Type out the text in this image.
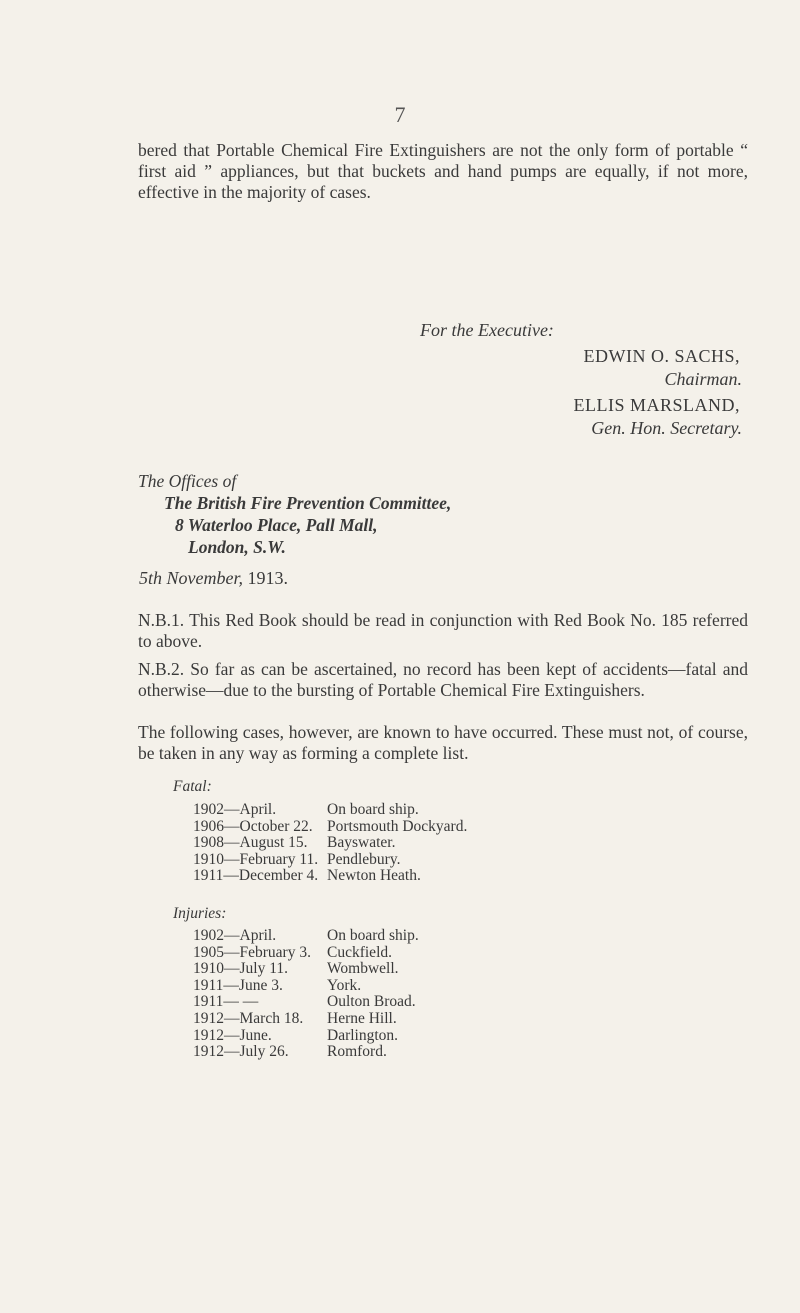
7

bered that Portable Chemical Fire Extinguishers are not the only form of portable “ first aid ” appliances, but that buckets and hand pumps are equally, if not more, effective in the majority of cases.

For the Executive:

EDWIN O. SACHS,

Chairman.

ELLIS MARSLAND,

Gen. Hon. Secretary.

The Offices of
The British Fire Prevention Committee,
8 Waterloo Place, Pall Mall,
London, S.W.

5th November, 1913.

N.B.1. This Red Book should be read in conjunction with Red Book No. 185 referred to above.

N.B.2. So far as can be ascertained, no record has been kept of accidents—fatal and otherwise—due to the bursting of Portable Chemical Fire Extinguishers.

The following cases, however, are known to have occurred. These must not, of course, be taken in any way as forming a complete list.

Fatal:

1902—April.	On board ship.
1906—October 22. Portsmouth Dockyard.
1908—August 15.	Bayswater.
1910—February 11. Pendlebury.
1911—December 4. Newton Heath.

Injuries:

1902—April.	On board ship.
1905—February 3.	Cuckfield.
1910—July 11.	Wombwell.
1911—June 3.	York.
1911— —	Oulton Broad.
1912—March 18.	Herne Hill.
1912—June.	Darlington.
1912—July 26.	Romford.
